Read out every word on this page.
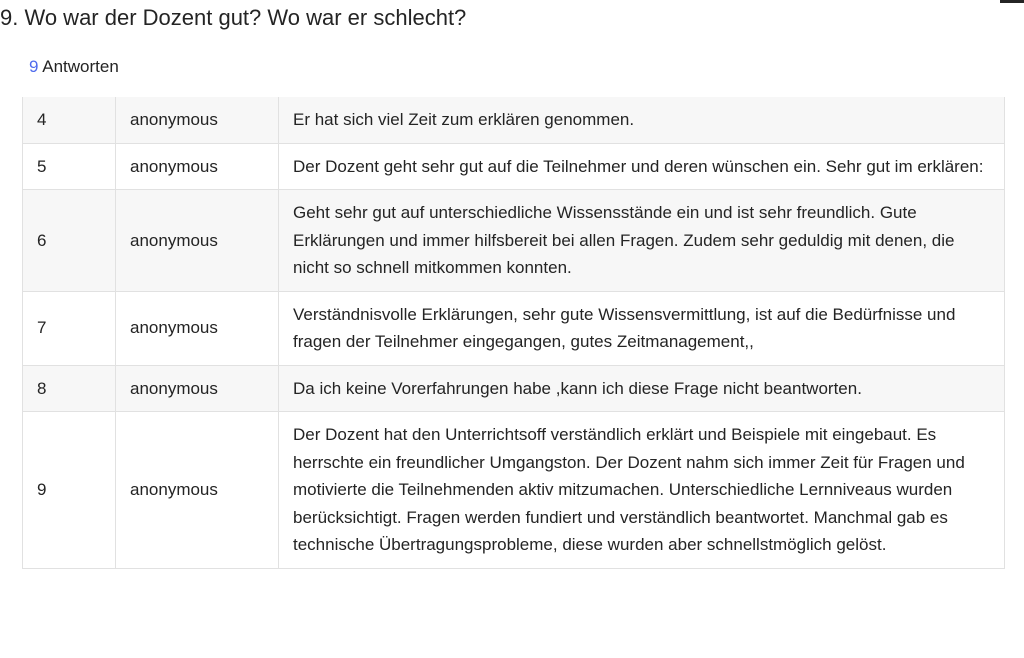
9. Wo war der Dozent gut? Wo war er schlecht?
9 Antworten
4	anonymous	Er hat sich viel Zeit zum erklären genommen.
5	anonymous	Der Dozent geht sehr gut auf die Teilnehmer und deren wünschen ein. Sehr gut im erklären:
6	anonymous	Geht sehr gut auf unterschiedliche Wissensstände ein und ist sehr freundlich. Gute Erklärungen und immer hilfsbereit bei allen Fragen. Zudem sehr geduldig mit denen, die nicht so schnell mitkommen konnten.
7	anonymous	Verständnisvolle Erklärungen, sehr gute Wissensvermittlung, ist auf die Bedürfnisse und fragen der Teilnehmer eingegangen, gutes Zeitmanagement,,
8	anonymous	Da ich keine Vorerfahrungen habe ,kann ich diese Frage nicht beantworten.
9	anonymous	Der Dozent hat den Unterrichtsoff verständlich erklärt und Beispiele mit eingebaut. Es herrschte ein freundlicher Umgangston. Der Dozent nahm sich immer Zeit für Fragen und motivierte die Teilnehmenden aktiv mitzumachen. Unterschiedliche Lernniveaus wurden berücksichtigt. Fragen werden fundiert und verständlich beantwortet. Manchmal gab es technische Übertragungsprobleme, diese wurden aber schnellstmöglich gelöst.
